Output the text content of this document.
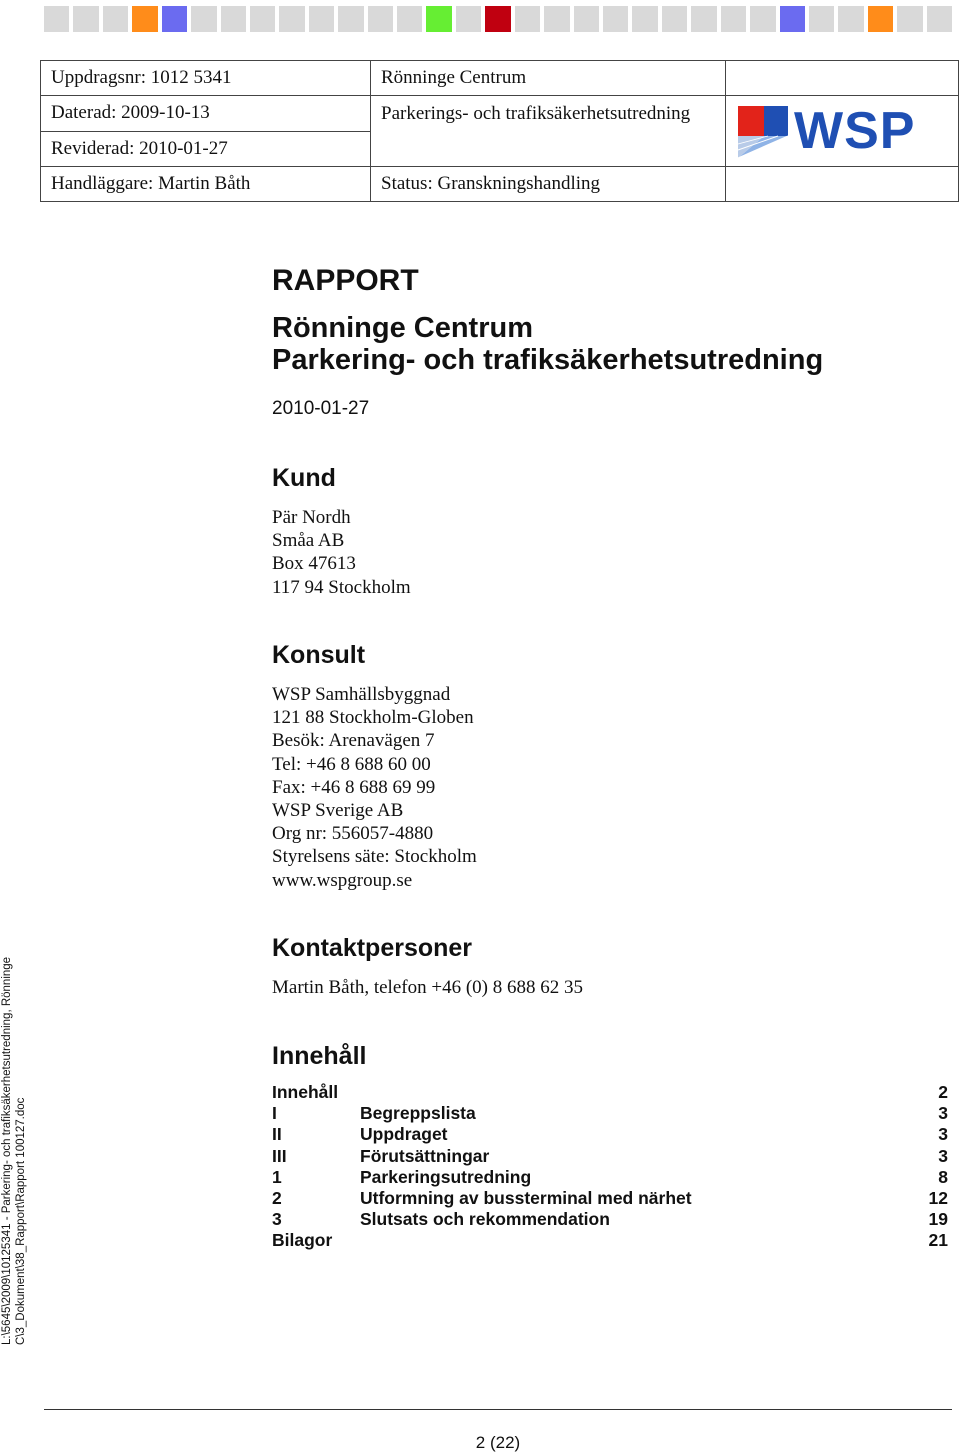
Uppdragsnr: 1012 5341	Rönninge Centrum	
Daterad: 2009-10-13	Parkerings- och trafiksäkerhetsutredning	WSP

Reviderad: 2010-01-27		
Handläggare: Martin Båth	Status: Granskningshandling	
RAPPORT
Rönninge Centrum
Parkering- och trafiksäkerhetsutredning
2010-01-27
Kund
Pär Nordh
Småa AB
Box 47613
117 94 Stockholm
Konsult
WSP Samhällsbyggnad
121 88 Stockholm-Globen
Besök: Arenavägen 7
Tel: +46 8 688 60 00
Fax: +46 8 688 69 99
WSP Sverige AB
Org nr: 556057-4880
Styrelsens säte: Stockholm
www.wspgroup.se
Kontaktpersoner
Martin Båth, telefon +46 (0) 8 688 62 35
Innehåll
Innehåll	2
I	Begreppslista	3
II	Uppdraget	3
III	Förutsättningar	3
1	Parkeringsutredning	8
2	Utformning av bussterminal med närhet	12
3	Slutsats och rekommendation	19
Bilagor	21
L:\5645\2009\10125341 - Parkering- och trafiksäkerhetsutredning, Rönninge C\3_Dokument\38_Rapport\Rapport 100127.doc
2 (22)
